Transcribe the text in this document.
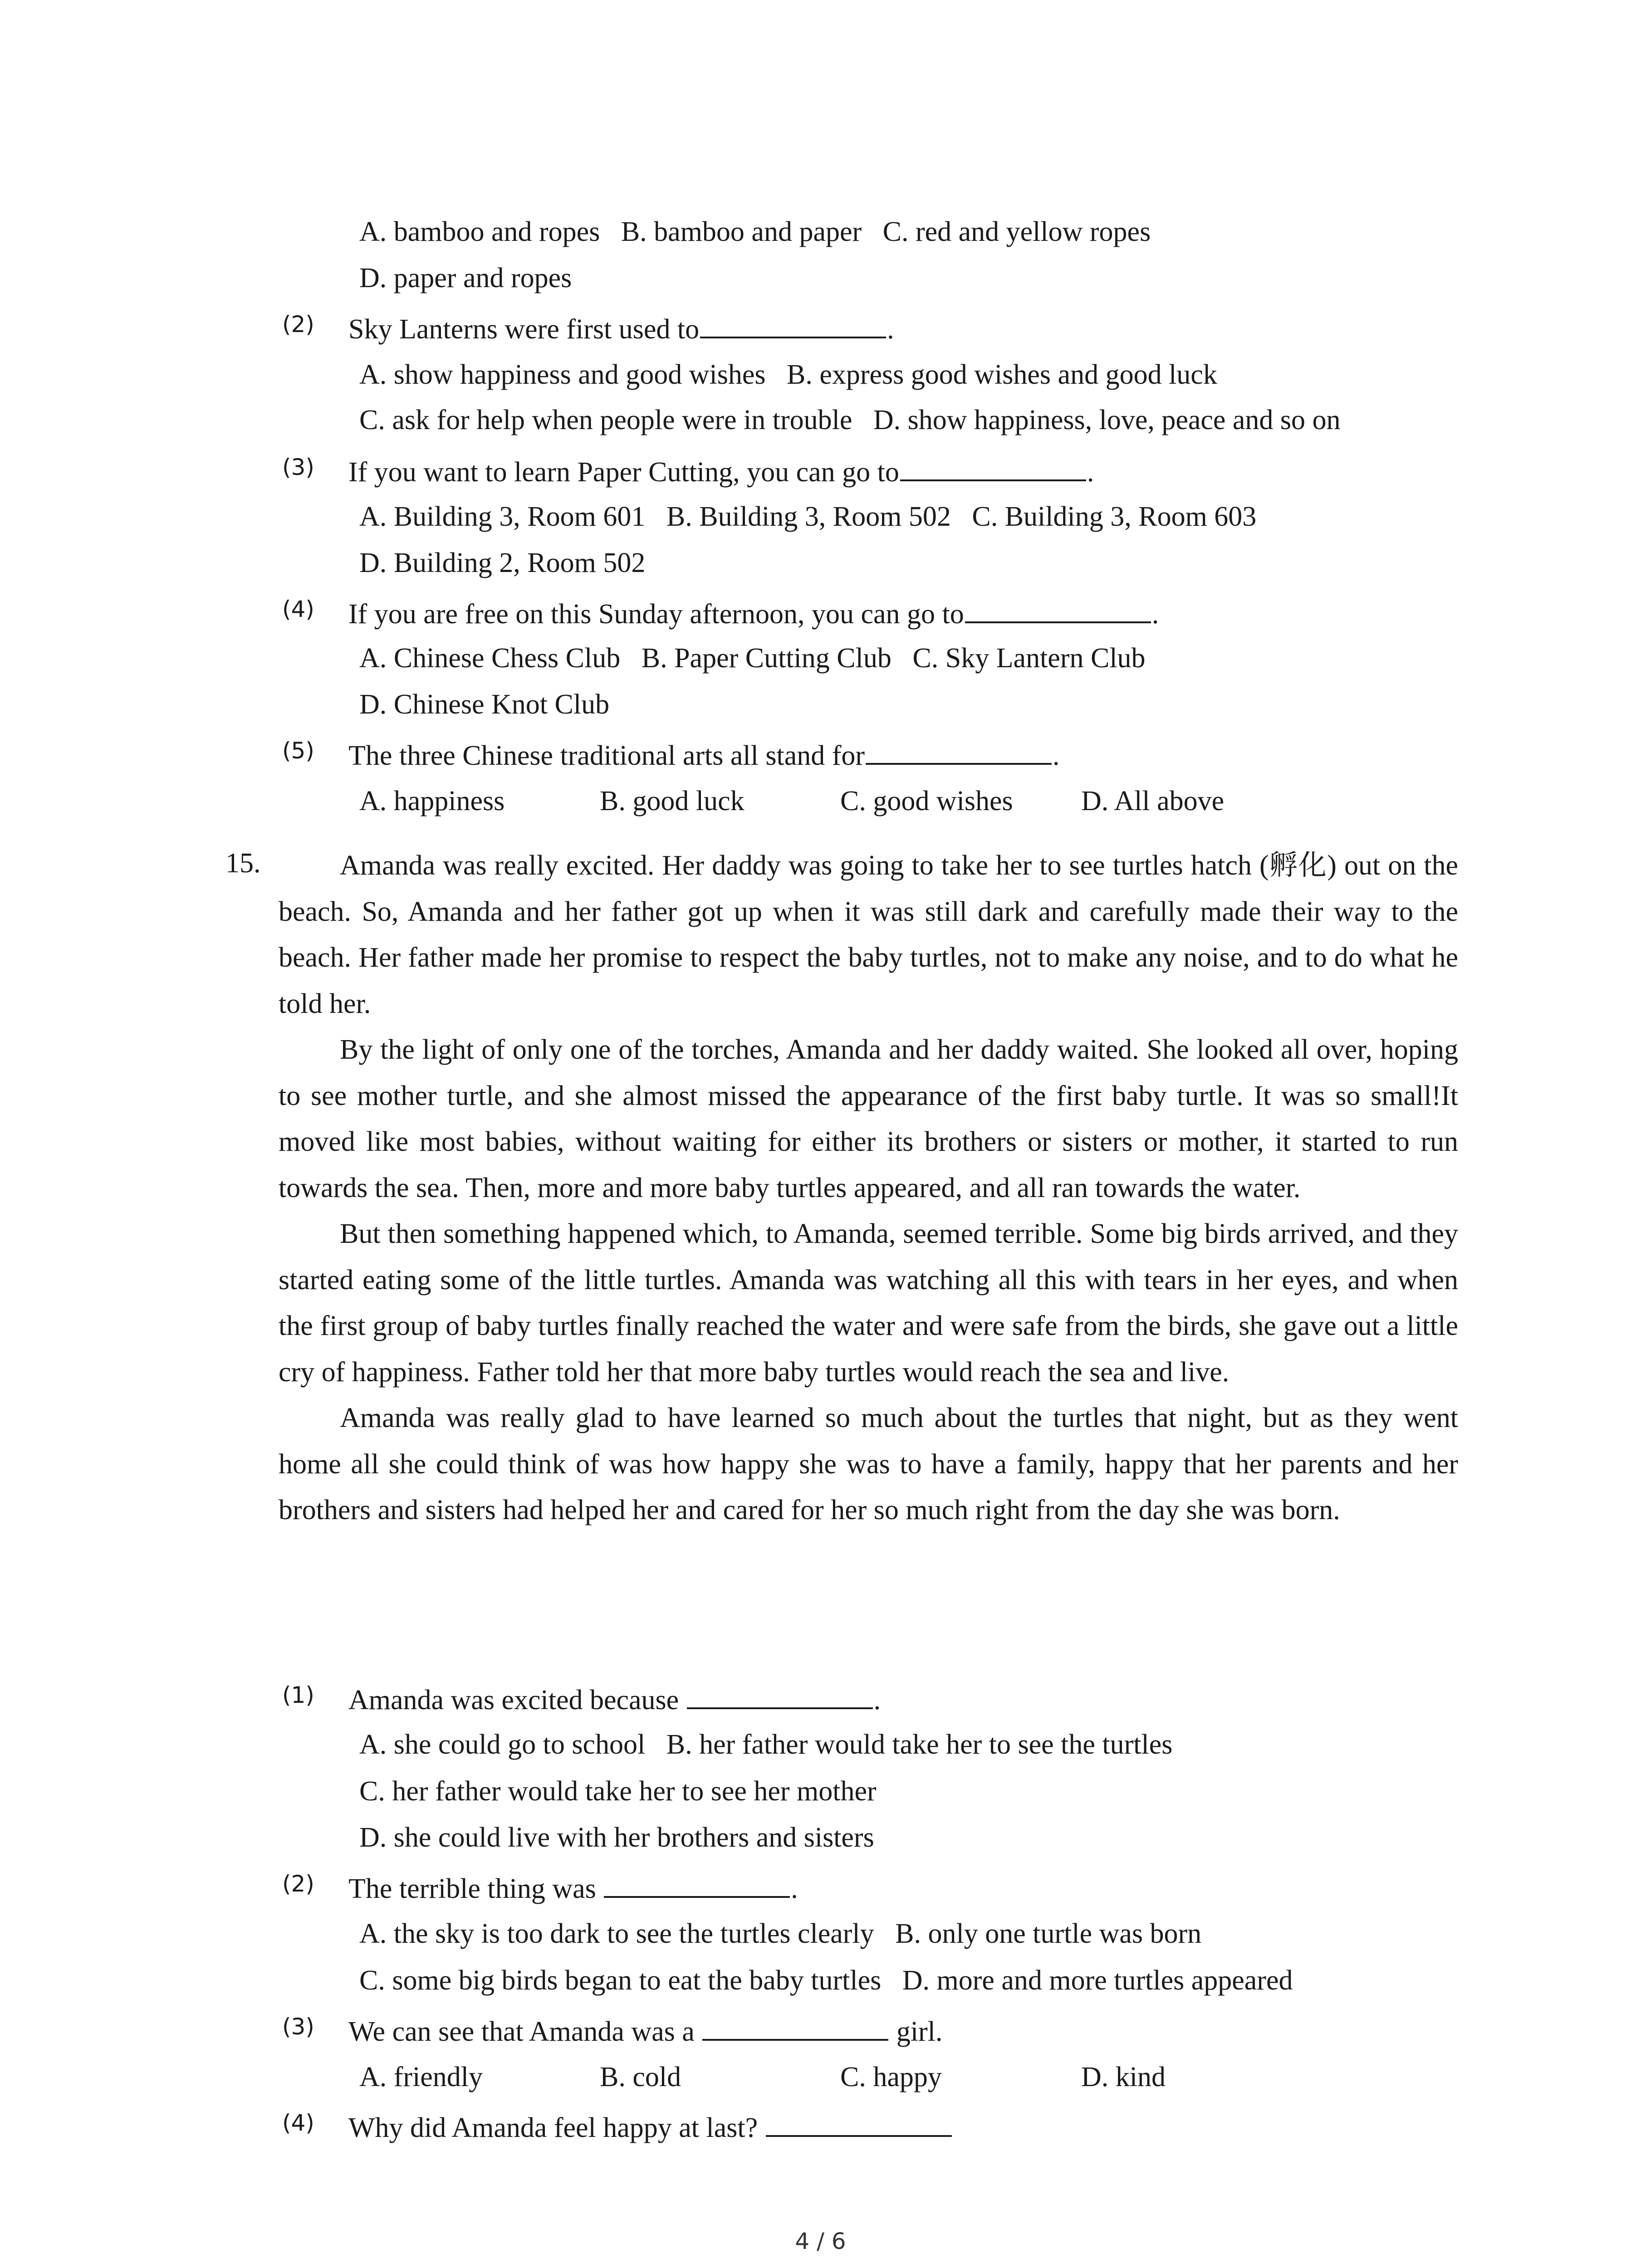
A. bamboo and ropes   B. bamboo and paper   C. red and yellow ropes
D. paper and ropes
(2) Sky Lanterns were first used to	.
A. show happiness and good wishes   B. express good wishes and good luck
C. ask for help when people were in trouble   D. show happiness, love, peace and so on
(3) If you want to learn Paper Cutting, you can go to	.
A. Building 3, Room 601   B. Building 3, Room 502   C. Building 3, Room 603
D. Building 2, Room 502
(4) If you are free on this Sunday afternoon, you can go to	.
A. Chinese Chess Club   B. Paper Cutting Club   C. Sky Lantern Club
D. Chinese Knot Club
(5) The three Chinese traditional arts all stand for	.
A. happiness	B. good luck	C. good wishes D. All above
15.	Amanda was really excited. Her daddy was going to take her to see turtles hatch (孵化) out on the beach. So, Amanda and her father got up when it was still dark and carefully made their way to the beach. Her father made her promise to respect the baby turtles, not to make any noise, and to do what he told her.

By the light of only one of the torches, Amanda and her daddy waited. She looked all over, hoping to see mother turtle, and she almost missed the appearance of the first baby turtle. It was so small!It moved like most babies, without waiting for either its brothers or sisters or mother, it started to run towards the sea. Then, more and more baby turtles appeared, and all ran towards the water.

But then something happened which, to Amanda, seemed terrible. Some big birds arrived, and they started eating some of the little turtles. Amanda was watching all this with tears in her eyes, and when the first group of baby turtles finally reached the water and were safe from the birds, she gave out a little cry of happiness. Father told her that more baby turtles would reach the sea and live.

Amanda was really glad to have learned so much about the turtles that night, but as they went home all she could think of was how happy she was to have a family, happy that her parents and her brothers and sisters had helped her and cared for her so much right from the day she was born.

(1) Amanda was excited because	.
A. she could go to school   B. her father would take her to see the turtles
C. her father would take her to see her mother
D. she could live with her brothers and sisters
(2) The terrible thing was	.
A. the sky is too dark to see the turtles clearly   B. only one turtle was born
C. some big birds began to eat the baby turtles   D. more and more turtles appeared
(3) We can see that Amanda was a	girl.
A. friendly	B. cold	C. happy	D. kind
(4) Why did Amanda feel happy at last?
4 / 6
